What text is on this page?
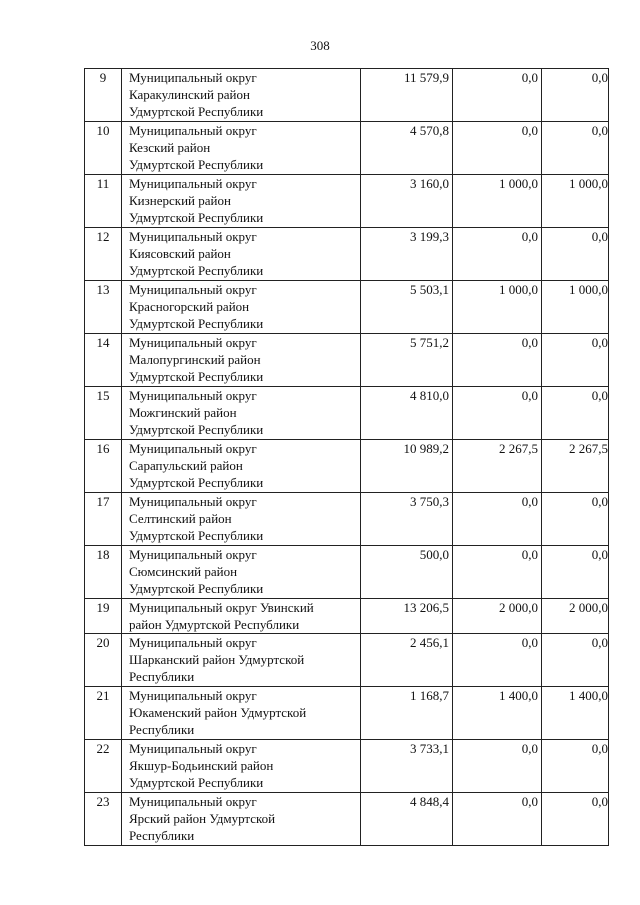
308
9	Муниципальный округ
Каракулинский район
Удмуртской Республики	11 579,9	0,0	0,0
10	Муниципальный округ
Кезский район
Удмуртской Республики	4 570,8	0,0	0,0
11	Муниципальный округ
Кизнерский район
Удмуртской Республики	3 160,0	1 000,0	1 000,0
12	Муниципальный округ
Киясовский район
Удмуртской Республики	3 199,3	0,0	0,0
13	Муниципальный округ
Красногорский район
Удмуртской Республики	5 503,1	1 000,0	1 000,0
14	Муниципальный округ
Малопургинский район
Удмуртской Республики	5 751,2	0,0	0,0
15	Муниципальный округ
Можгинский район
Удмуртской Республики	4 810,0	0,0	0,0
16	Муниципальный округ
Сарапульский район
Удмуртской Республики	10 989,2	2 267,5	2 267,5
17	Муниципальный округ
Селтинский район
Удмуртской Республики	3 750,3	0,0	0,0
18	Муниципальный округ
Сюмсинский район
Удмуртской Республики	500,0	0,0	0,0
19	Муниципальный округ Увинский
район Удмуртской Республики	13 206,5	2 000,0	2 000,0
20	Муниципальный округ
Шарканский район Удмуртской
Республики	2 456,1	0,0	0,0
21	Муниципальный округ
Юкаменский район Удмуртской
Республики	1 168,7	1 400,0	1 400,0
22	Муниципальный округ
Якшур-Бодьинский район
Удмуртской Республики	3 733,1	0,0	0,0
23	Муниципальный округ
Ярский район Удмуртской
Республики	4 848,4	0,0	0,0
